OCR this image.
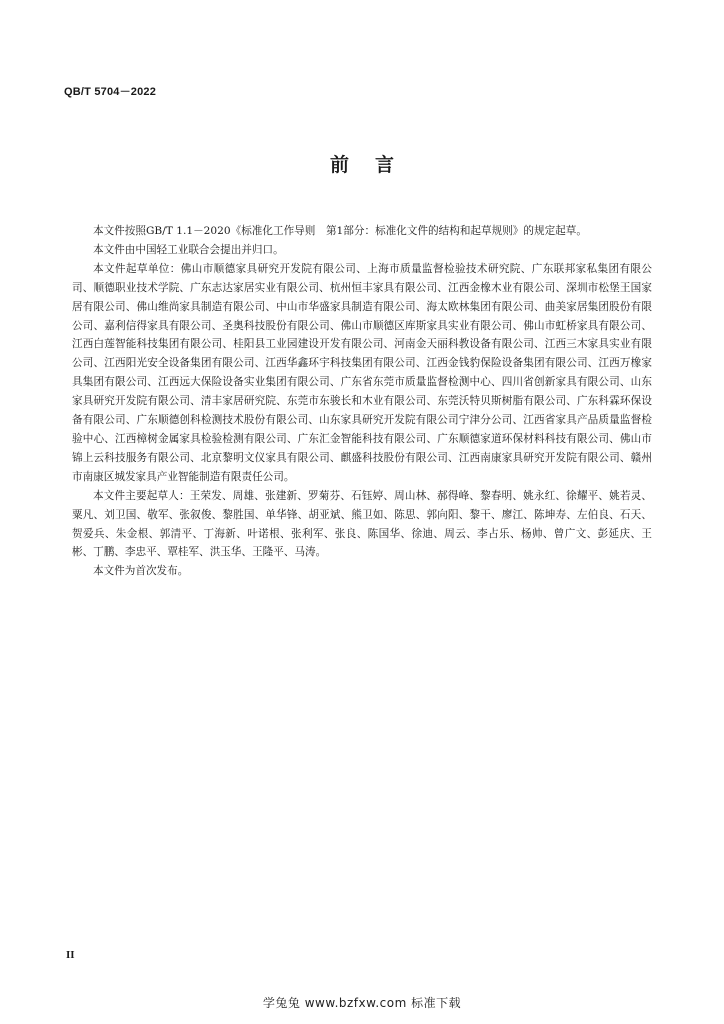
QB/T 5704－2022
前言

本文件按照GB/T 1.1－2020《标准化工作导则　第1部分：标准化文件的结构和起草规则》的规定起草。

本文件由中国轻工业联合会提出并归口。

本文件起草单位：佛山市顺德家具研究开发院有限公司、上海市质量监督检验技术研究院、广东联邦家私集团有限公司、顺德职业技术学院、广东志达家居实业有限公司、杭州恒丰家具有限公司、江西金橡木业有限公司、深圳市松堡王国家居有限公司、佛山维尚家具制造有限公司、中山市华盛家具制造有限公司、海太欧林集团有限公司、曲美家居集团股份有限公司、嘉利信得家具有限公司、圣奥科技股份有限公司、佛山市顺德区库斯家具实业有限公司、佛山市虹桥家具有限公司、江西白莲智能科技集团有限公司、桂阳县工业园建设开发有限公司、河南金天丽科教设备有限公司、江西三木家具实业有限公司、江西阳光安全设备集团有限公司、江西华鑫环宇科技集团有限公司、江西金钱豹保险设备集团有限公司、江西万橡家具集团有限公司、江西远大保险设备实业集团有限公司、广东省东莞市质量监督检测中心、四川省创新家具有限公司、山东家具研究开发院有限公司、清丰家居研究院、东莞市东骏长和木业有限公司、东莞沃特贝斯树脂有限公司、广东科霖环保设备有限公司、广东顺德创科检测技术股份有限公司、山东家具研究开发院有限公司宁津分公司、江西省家具产品质量监督检验中心、江西樟树金属家具检验检测有限公司、广东汇金智能科技有限公司、广东顺德家道环保材料科技有限公司、佛山市锦上云科技服务有限公司、北京黎明文仪家具有限公司、麒盛科技股份有限公司、江西南康家具研究开发院有限公司、赣州市南康区城发家具产业智能制造有限责任公司。

本文件主要起草人：王荣发、周雄、张建新、罗菊芬、石钰婷、周山林、郝得峰、黎春明、姚永红、徐耀平、姚若灵、粟凡、刘卫国、敬军、张叙俊、黎胜国、单华锋、胡亚斌、熊卫如、陈思、郭向阳、黎干、廖江、陈坤寿、左伯良、石天、贺爱兵、朱金根、郭清平、丁海新、叶诺根、张利军、张良、陈国华、徐迪、周云、李占乐、杨帅、曾广文、彭延庆、王彬、丁鹏、李忠平、覃桂军、洪玉华、王隆平、马涛。

本文件为首次发布。

II
学兔兔 www.bzfxw.com 标准下载
